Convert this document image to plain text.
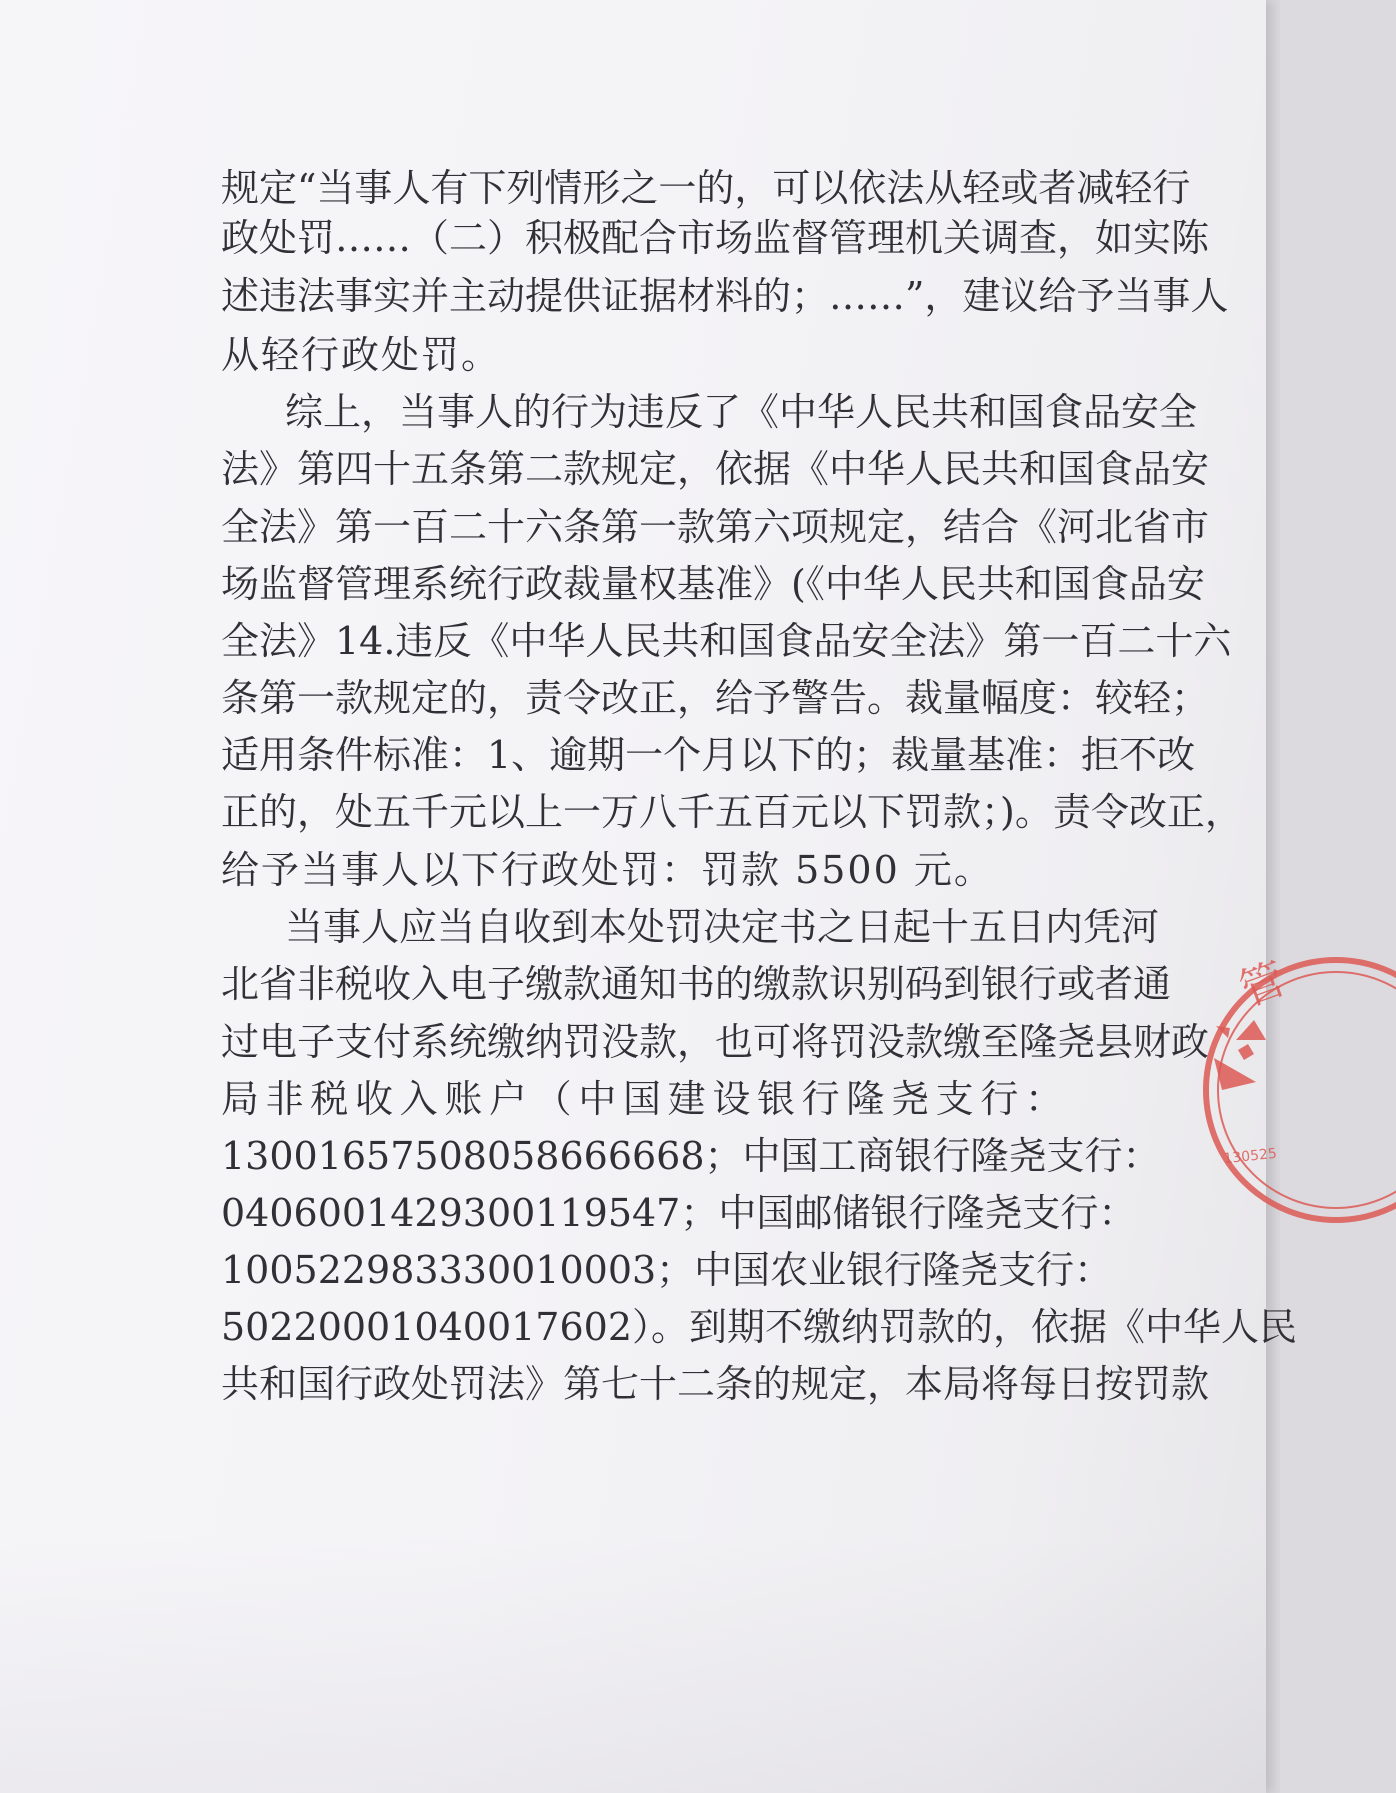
规定“当事人有下列情形之一的，可以依法从轻或者减轻行
政处罚……（二）积极配合市场监督管理机关调查，如实陈
述违法事实并主动提供证据材料的；……”，建议给予当事人
从轻行政处罚。
综上，当事人的行为违反了《中华人民共和国食品安全
法》第四十五条第二款规定，依据《中华人民共和国食品安
全法》第一百二十六条第一款第六项规定，结合《河北省市
场监督管理系统行政裁量权基准》(《中华人民共和国食品安
全法》14.违反《中华人民共和国食品安全法》第一百二十六
条第一款规定的，责令改正，给予警告。裁量幅度：较轻；
适用条件标准：1、逾期一个月以下的；裁量基准：拒不改
正的，处五千元以上一万八千五百元以下罚款；)。责令改正，
给予当事人以下行政处罚：罚款 5500 元。
当事人应当自收到本处罚决定书之日起十五日内凭河
北省非税收入电子缴款通知书的缴款识别码到银行或者通
过电子支付系统缴纳罚没款，也可将罚没款缴至隆尧县财政
局非税收入账户（中国建设银行隆尧支行：
13001657508058666668；中国工商银行隆尧支行：
0406001429300119547；中国邮储银行隆尧支行：
100522983330010003；中国农业银行隆尧支行：
50220001040017602）。到期不缴纳罚款的，依据《中华人民
共和国行政处罚法》第七十二条的规定，本局将每日按罚款
管
130525
